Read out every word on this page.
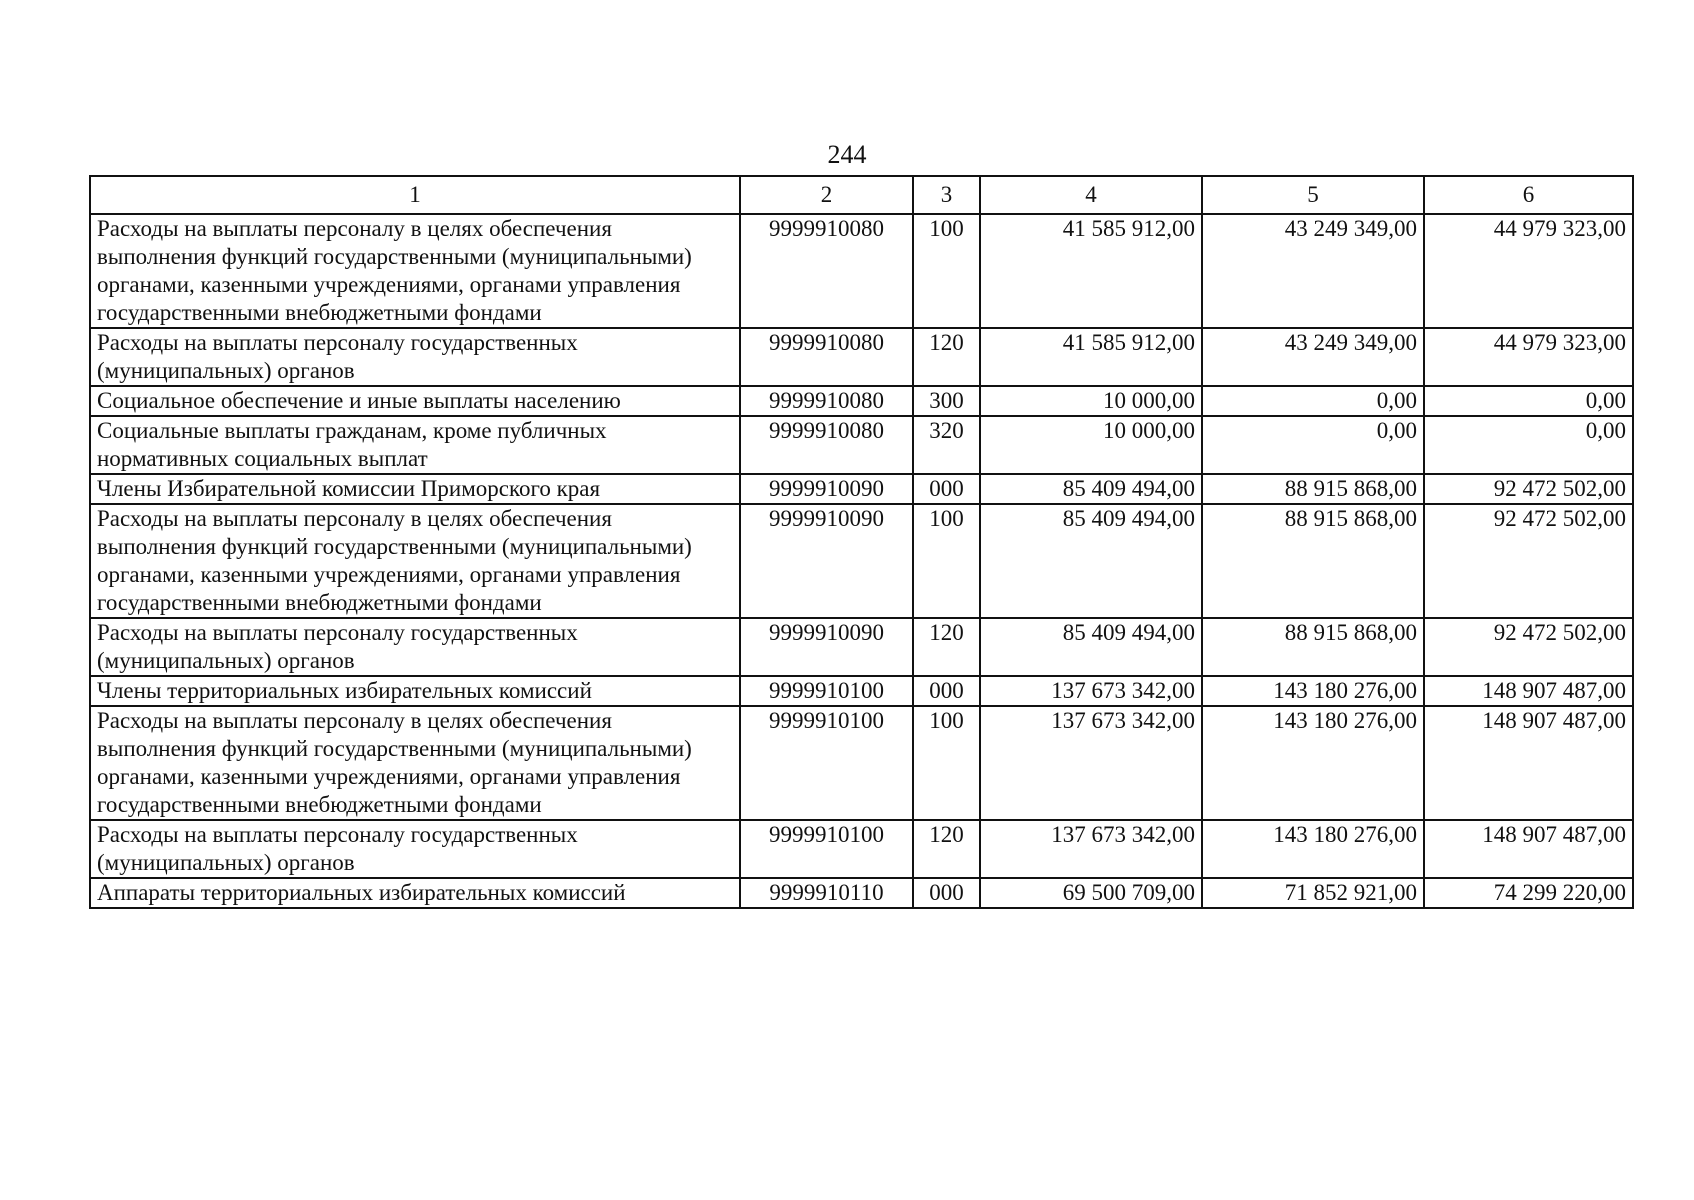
244
1	2	3	4	5	6
Расходы на выплаты персоналу в целях обеспечения выполнения функций государственными (муниципальными) органами, казенными учреждениями, органами управления государственными внебюджетными фондами	9999910080	100	41 585 912,00	43 249 349,00	44 979 323,00
Расходы на выплаты персоналу государственных (муниципальных) органов	9999910080	120	41 585 912,00	43 249 349,00	44 979 323,00
Социальное обеспечение и иные выплаты населению	9999910080	300	10 000,00	0,00	0,00
Социальные выплаты гражданам, кроме публичных нормативных социальных выплат	9999910080	320	10 000,00	0,00	0,00
Члены Избирательной комиссии Приморского края	9999910090	000	85 409 494,00	88 915 868,00	92 472 502,00
Расходы на выплаты персоналу в целях обеспечения выполнения функций государственными (муниципальными) органами, казенными учреждениями, органами управления государственными внебюджетными фондами	9999910090	100	85 409 494,00	88 915 868,00	92 472 502,00
Расходы на выплаты персоналу государственных (муниципальных) органов	9999910090	120	85 409 494,00	88 915 868,00	92 472 502,00
Члены территориальных избирательных комиссий	9999910100	000	137 673 342,00	143 180 276,00	148 907 487,00
Расходы на выплаты персоналу в целях обеспечения выполнения функций государственными (муниципальными) органами, казенными учреждениями, органами управления государственными внебюджетными фондами	9999910100	100	137 673 342,00	143 180 276,00	148 907 487,00
Расходы на выплаты персоналу государственных (муниципальных) органов	9999910100	120	137 673 342,00	143 180 276,00	148 907 487,00
Аппараты территориальных избирательных комиссий	9999910110	000	69 500 709,00	71 852 921,00	74 299 220,00
